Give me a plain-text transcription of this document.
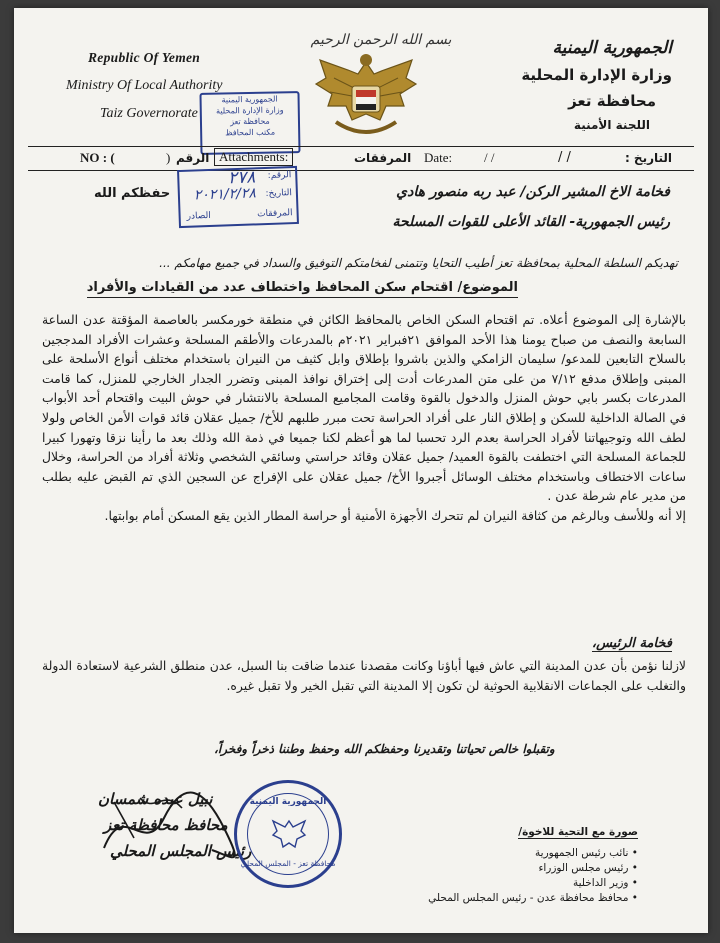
Republic Of Yemen
Ministry Of Local Authority
Taiz Governorate
الجمهورية اليمنية
وزارة الإدارة المحلية
محافظة تعز
اللجنة الأمنية
بسم الله الرحمن الرحيم
الجمهورية اليمنية
وزارة الإدارة المحلية
محافظة تعز
مكتب المحافظ
NO : (	) الرقم Attachments:	المرفقات Date: / /	/ /	التاريخ :
الرقم:
٢٧٨
التاريخ:
٢٠٢١/٢/٢٨
المرفقات
الصادر
فخامة الاخ المشير الركن/ عبد ربه منصور هادي
رئيس الجمهورية- القائد الأعلى للقوات المسلحة
حفظكم الله
تهديكم السلطة المحلية بمحافظة تعز أطيب التحايا وتتمنى لفخامتكم التوفيق والسداد في جميع مهامكم ...
الموضوع/ اقتحام سكن المحافظ واختطاف عدد من القيادات والأفراد

بالإشارة إلى الموضوع أعلاه. تم اقتحام السكن الخاص بالمحافظ الكائن في منطقة خورمكسر بالعاصمة المؤقتة عدن الساعة السابعة والنصف من صباح يومنا هذا الأحد الموافق ٢١فبراير ٢٠٢١م بالمدرعات والأطقم المسلحة وعشرات الأفراد المدججين بالسلاح التابعين للمدعو/ سليمان الزامكي والذين باشروا بإطلاق وابل كثيف من النيران باستخدام مختلف أنواع الأسلحة على المبنى وإطلاق مدفع ٧/١٢ من على متن المدرعات أدت إلى إختراق نوافذ المبنى وتضرر الجدار الخارجي للمنزل، كما قامت المدرعات بكسر بابي حوش المنزل والدخول بالقوة وقامت المجاميع المسلحة بالانتشار في حوش البيت واقتحام أحد الأبواب في الصالة الداخلية للسكن و إطلاق النار على أفراد الحراسة تحت مبرر طلبهم للأخ/ جميل عقلان قائد قوات الأمن الخاص ولولا لطف الله وتوجيهاتنا لأفراد الحراسة بعدم الرد تحسبا لما هو أعظم لكنا جميعا في ذمة الله وذلك بعد ما رأينا نزقا وتهورا كبيرا للجماعة المسلحة التي اختطفت بالقوة العميد/ جميل عقلان وقائد حراستي وسائقي الشخصي وثلاثة أفراد من الحراسة، وخلال ساعات الاختطاف وباستخدام مختلف الوسائل أجبروا الأخ/ جميل عقلان على الإفراج عن السجين الذي تم القبض عليه بطلب من مدير عام شرطة عدن .

إلا أنه وللأسف وبالرغم من كثافة النيران لم تتحرك الأجهزة الأمنية أو حراسة المطار الذين يقع المسكن أمام بوابتها.

فخامة الرئيس،

لازلنا نؤمن بأن عدن المدينة التي عاش فيها أباؤنا وكانت مقصدنا عندما ضاقت بنا السبل، عدن منطلق الشرعية لاستعادة الدولة والتغلب على الجماعات الانقلابية الحوثية لن تكون إلا المدينة التي تقبل الخير ولا تقبل غيره.

وتقبلوا خالص تحياتنا وتقديرنا وحفظكم الله وحفظ وطننا ذخراً وفخراً،
نبيل عبده شمسان
محافظ محافظة تعز
رئيس المجلس المحلي
الجمهورية اليمنية
محافظة تعز - المجلس المحلي
صورة مع التحية للاخوة/
• نائب رئيس الجمهورية
• رئيس مجلس الوزراء
• وزير الداخلية
• محافظ محافظة عدن - رئيس المجلس المحلي
